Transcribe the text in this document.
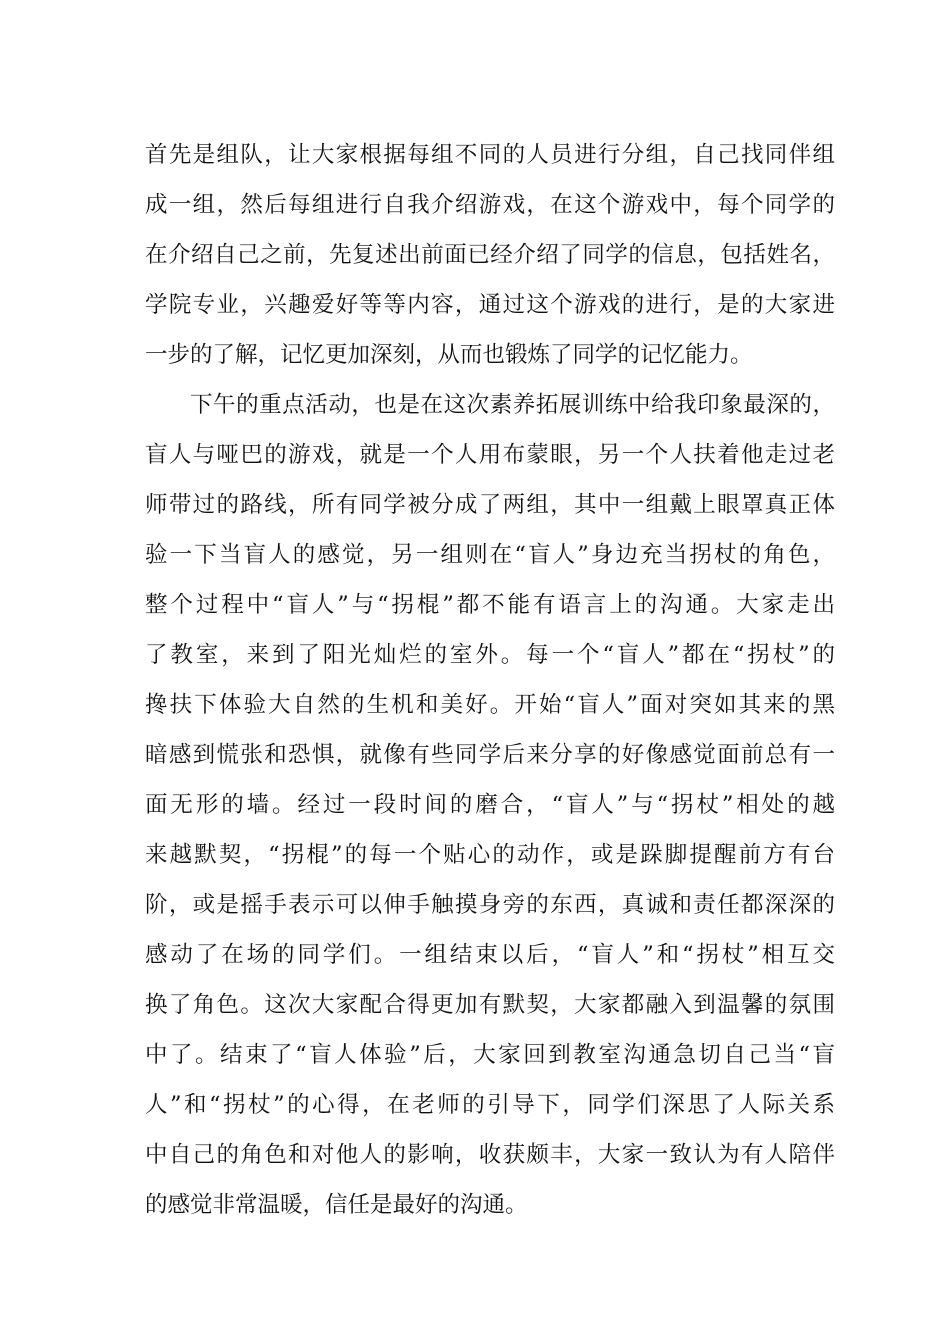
首先是组队，让大家根据每组不同的人员进行分组，自己找同伴组
成一组，然后每组进行自我介绍游戏，在这个游戏中，每个同学的
在介绍自己之前，先复述出前面已经介绍了同学的信息，包括姓名，
学院专业，兴趣爱好等等内容，通过这个游戏的进行，是的大家进
一步的了解，记忆更加深刻，从而也锻炼了同学的记忆能力。
下午的重点活动，也是在这次素养拓展训练中给我印象最深的，
盲人与哑巴的游戏，就是一个人用布蒙眼，另一个人扶着他走过老
师带过的路线，所有同学被分成了两组，其中一组戴上眼罩真正体
验一下当盲人的感觉，另一组则在“盲人”身边充当拐杖的角色，
整个过程中“盲人”与“拐棍”都不能有语言上的沟通。大家走出
了教室，来到了阳光灿烂的室外。每一个“盲人”都在“拐杖”的
搀扶下体验大自然的生机和美好。开始“盲人”面对突如其来的黑
暗感到慌张和恐惧，就像有些同学后来分享的好像感觉面前总有一
面无形的墙。经过一段时间的磨合，“盲人”与“拐杖”相处的越
来越默契，“拐棍”的每一个贴心的动作，或是跺脚提醒前方有台
阶，或是摇手表示可以伸手触摸身旁的东西，真诚和责任都深深的
感动了在场的同学们。一组结束以后，“盲人”和“拐杖”相互交
换了角色。这次大家配合得更加有默契，大家都融入到温馨的氛围
中了。结束了“盲人体验”后，大家回到教室沟通急切自己当“盲
人”和“拐杖”的心得，在老师的引导下，同学们深思了人际关系
中自己的角色和对他人的影响，收获颇丰，大家一致认为有人陪伴
的感觉非常温暖，信任是最好的沟通。
